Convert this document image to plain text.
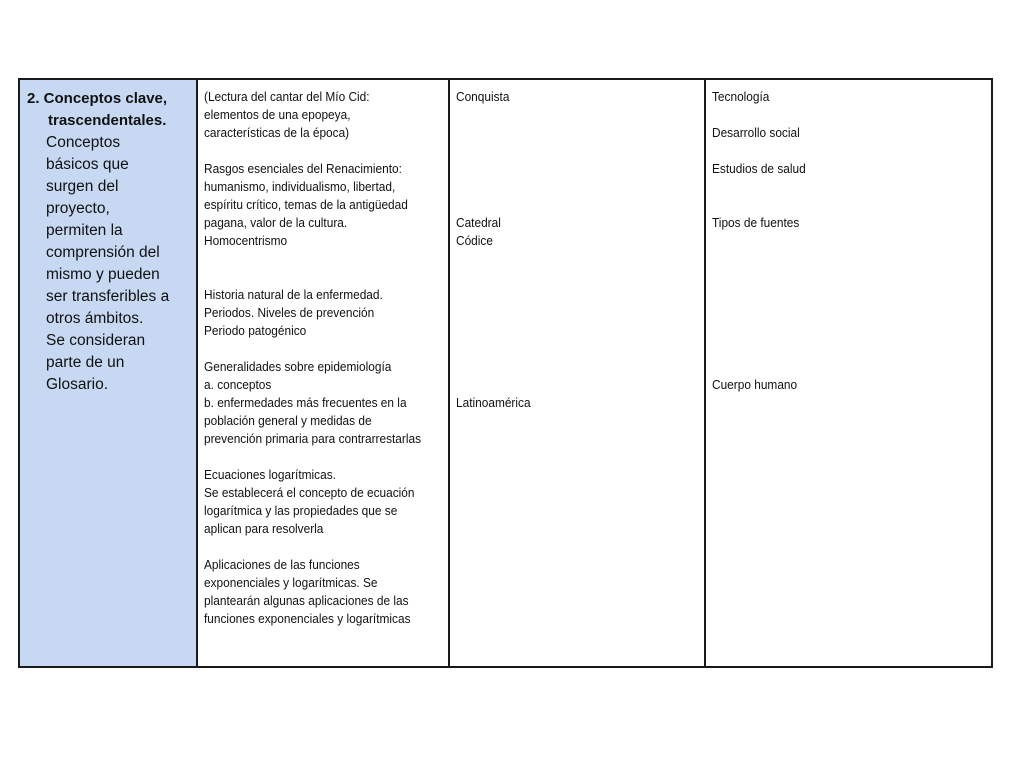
2. Conceptos clave,
trascendentales.
Conceptos
básicos que
surgen del
proyecto,
permiten la
comprensión del
mismo y pueden
ser transferibles a
otros ámbitos.
Se consideran
parte de un
Glosario.
(Lectura del cantar del Mío Cid:
elementos de una epopeya,
características de la época)
Rasgos esenciales del Renacimiento:
humanismo, individualismo, libertad,
espíritu crítico, temas de la antigüedad
pagana, valor de la cultura.
Homocentrismo
Historia natural de la enfermedad.
Periodos. Niveles de prevención
Periodo patogénico
Generalidades sobre epidemiología
a. conceptos
b. enfermedades más frecuentes en la
población general y medidas de
prevención primaria para contrarrestarlas
Ecuaciones logarítmicas.
Se establecerá el concepto de ecuación
logarítmica y las propiedades que se
aplican para resolverla
Aplicaciones de las funciones
exponenciales y logarítmicas. Se
plantearán algunas aplicaciones de las
funciones exponenciales y logarítmicas
Conquista
Catedral
Códice
Latinoamérica
Tecnología
Desarrollo social
Estudios de salud
Tipos de fuentes
Cuerpo humano
